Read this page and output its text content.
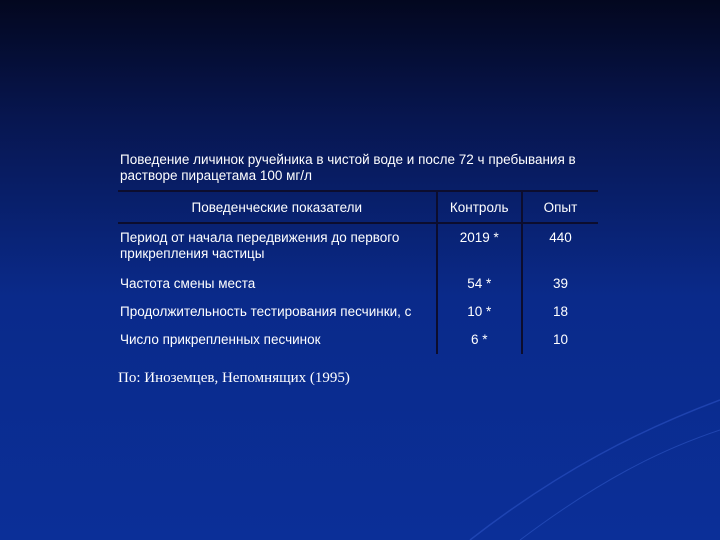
Поведение личинок ручейника в чистой воде и после 72 ч пребывания в растворе пирацетама 100 мг/л
Поведенческие показатели	Контроль	Опыт
Период от начала передвижения до первого прикрепления частицы	2019 *	440
Частота смены места	54 *	39
Продолжительность тестирования песчинки, с	10 *	18
Число прикрепленных песчинок	6 *	10
По: Иноземцев, Непомнящих (1995)
